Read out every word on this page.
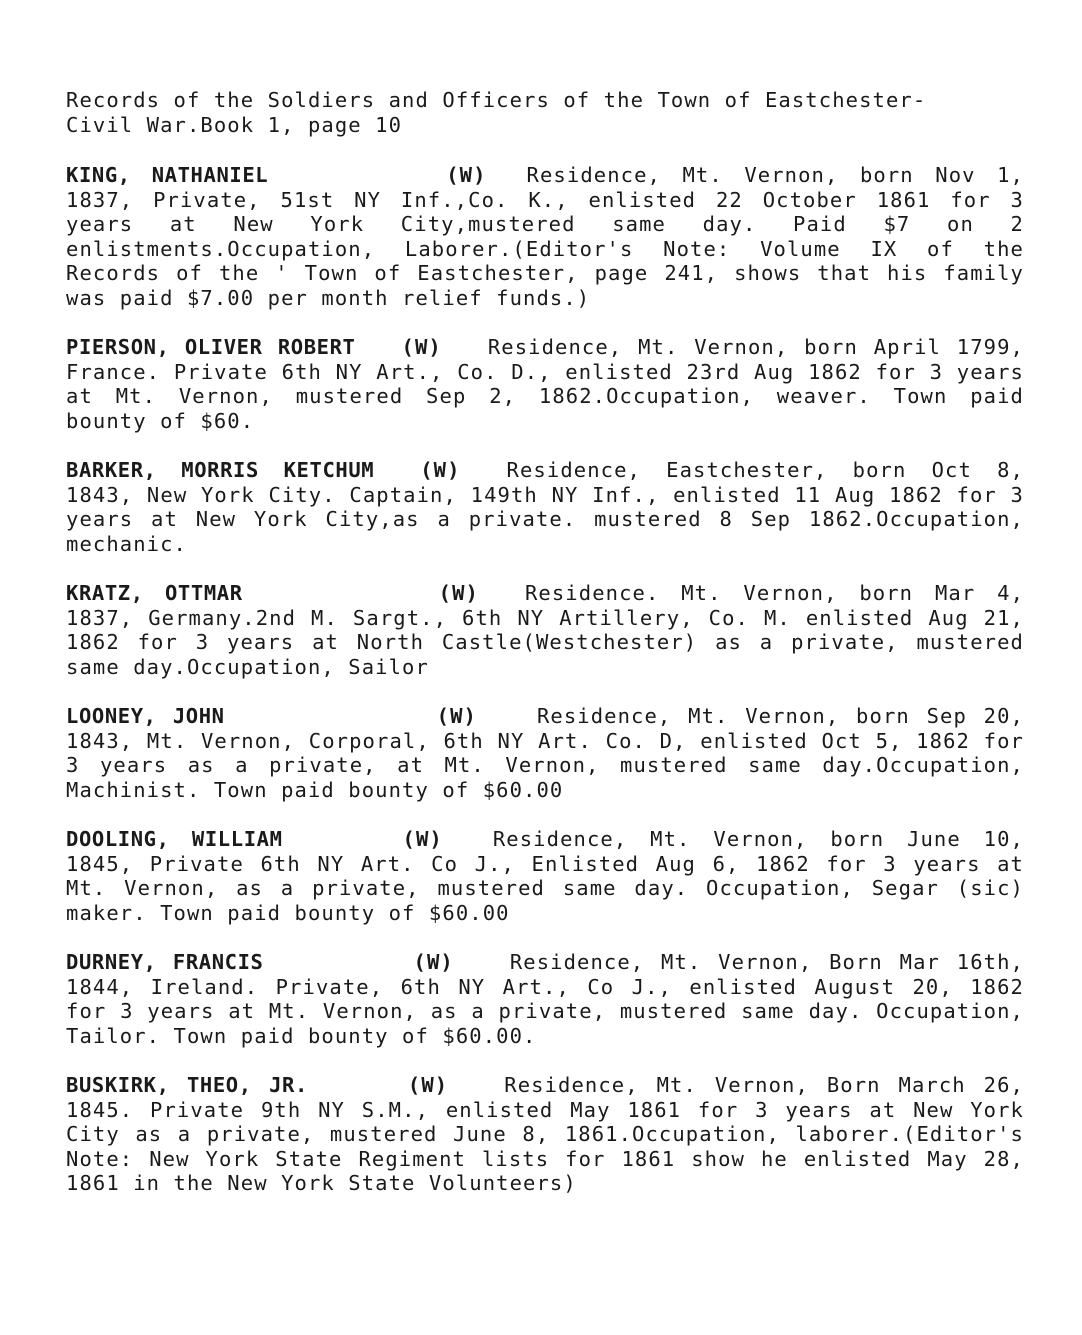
Records of the Soldiers and Officers of the Town of Eastchester-
Civil War.Book 1, page 10

KING, NATHANIEL	(W) Residence, Mt. Vernon, born Nov 1, 1837, Private, 51st NY Inf.,Co. K., enlisted 22 October 1861 for 3 years at New York City,mustered same day. Paid $7 on 2 enlistments.Occupation, Laborer.(Editor's Note: Volume IX of the Records of the ' Town of Eastchester, page 241, shows that his family was paid $7.00 per month relief funds.)

PIERSON, OLIVER ROBERT (W) Residence, Mt. Vernon, born April 1799, France. Private 6th NY Art., Co. D., enlisted 23rd Aug 1862 for 3 years at Mt. Vernon, mustered Sep 2, 1862.Occupation, weaver. Town paid bounty of $60.

BARKER, MORRIS KETCHUM (W) Residence, Eastchester, born Oct 8, 1843, New York City. Captain, 149th NY Inf., enlisted 11 Aug 1862 for 3 years at New York City,as a private. mustered 8 Sep 1862.Occupation, mechanic.

KRATZ, OTTMAR	(W) Residence. Mt. Vernon, born Mar 4, 1837, Germany.2nd M. Sargt., 6th NY Artillery, Co. M. enlisted Aug 21, 1862 for 3 years at North Castle(Westchester) as a private, mustered same day.Occupation, Sailor

LOONEY, JOHN	(W)	Residence, Mt. Vernon, born Sep 20, 1843, Mt. Vernon, Corporal, 6th NY Art. Co. D, enlisted Oct 5, 1862 for 3 years as a private, at Mt. Vernon, mustered same day.Occupation, Machinist. Town paid bounty of $60.00

DOOLING, WILLIAM	(W) Residence, Mt. Vernon, born June 10, 1845, Private 6th NY Art. Co J., Enlisted Aug 6, 1862 for 3 years at Mt. Vernon, as a private, mustered same day. Occupation, Segar (sic) maker. Town paid bounty of $60.00

DURNEY, FRANCIS	(W)	Residence, Mt. Vernon, Born Mar 16th, 1844, Ireland. Private, 6th NY Art., Co J., enlisted August 20, 1862 for 3 years at Mt. Vernon, as a private, mustered same day. Occupation, Tailor. Town paid bounty of $60.00.

BUSKIRK, THEO, JR.	(W)	Residence, Mt. Vernon, Born March 26, 1845. Private 9th NY S.M., enlisted May 1861 for 3 years at New York City as a private, mustered June 8, 1861.Occupation, laborer.(Editor's Note: New York State Regiment lists for 1861 show he enlisted May 28, 1861 in the New York State Volunteers)
